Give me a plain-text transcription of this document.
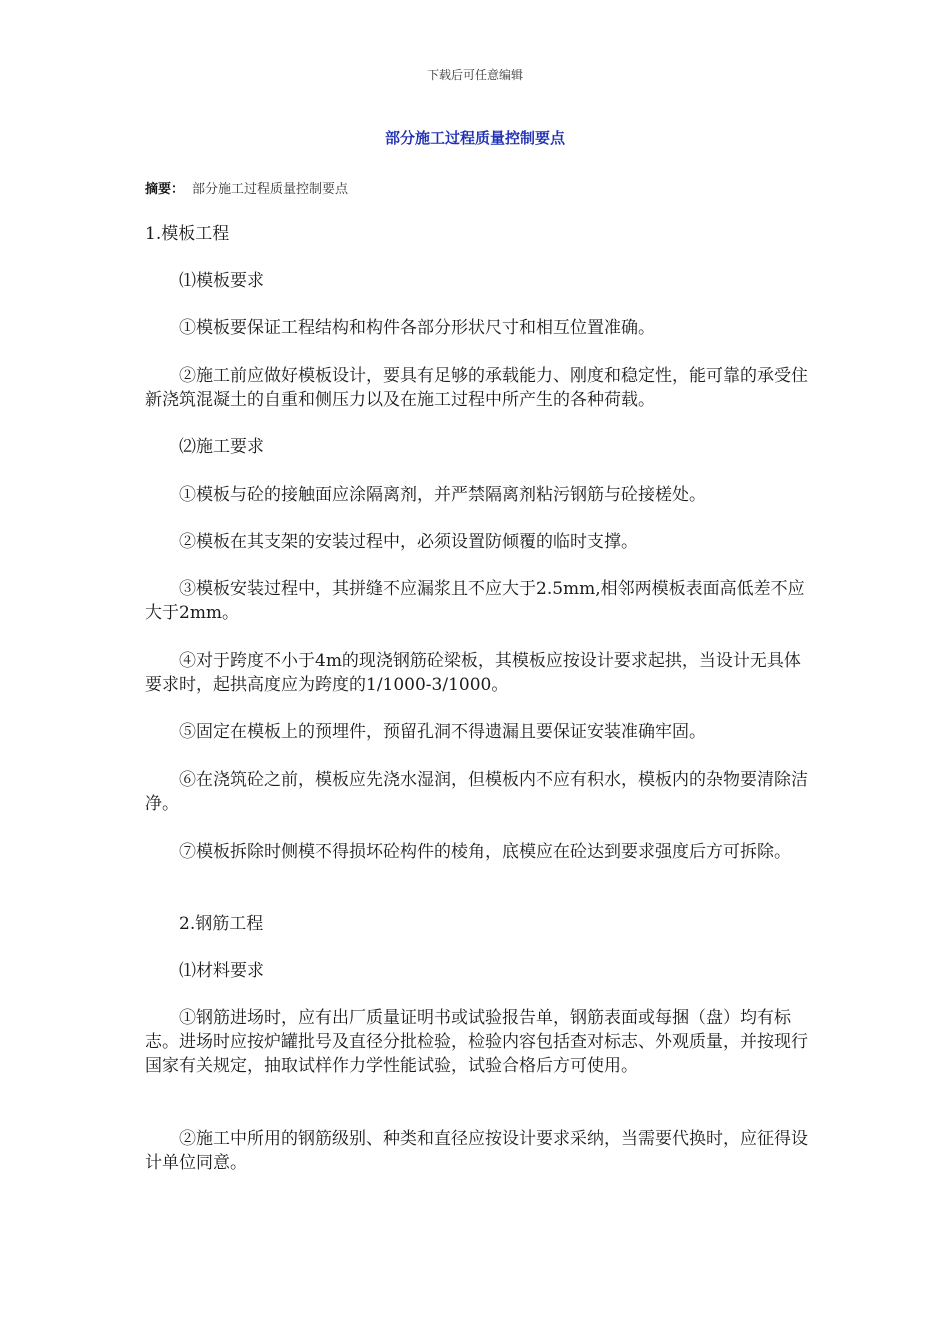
下载后可任意编辑
部分施工过程质量控制要点
摘要： 部分施工过程质量控制要点
1.模板工程
⑴模板要求
①模板要保证工程结构和构件各部分形状尺寸和相互位置准确。
②施工前应做好模板设计，要具有足够的承载能力、刚度和稳定性，能可靠的承受住新浇筑混凝土的自重和侧压力以及在施工过程中所产生的各种荷载。
⑵施工要求
①模板与砼的接触面应涂隔离剂，并严禁隔离剂粘污钢筋与砼接槎处。
②模板在其支架的安装过程中，必须设置防倾覆的临时支撑。
③模板安装过程中，其拼缝不应漏浆且不应大于2.5mm,相邻两模板表面高低差不应大于2mm。
④对于跨度不小于4m的现浇钢筋砼梁板，其模板应按设计要求起拱，当设计无具体要求时，起拱高度应为跨度的1/1000-3/1000。
⑤固定在模板上的预埋件，预留孔洞不得遗漏且要保证安装准确牢固。
⑥在浇筑砼之前，模板应先浇水湿润，但模板内不应有积水，模板内的杂物要清除洁净。
⑦模板拆除时侧模不得损坏砼构件的棱角，底模应在砼达到要求强度后方可拆除。
2.钢筋工程
⑴材料要求
①钢筋进场时，应有出厂质量证明书或试验报告单，钢筋表面或每捆（盘）均有标志。进场时应按炉罐批号及直径分批检验，检验内容包括查对标志、外观质量，并按现行国家有关规定，抽取试样作力学性能试验，试验合格后方可使用。
②施工中所用的钢筋级别、种类和直径应按设计要求采纳，当需要代换时，应征得设计单位同意。
